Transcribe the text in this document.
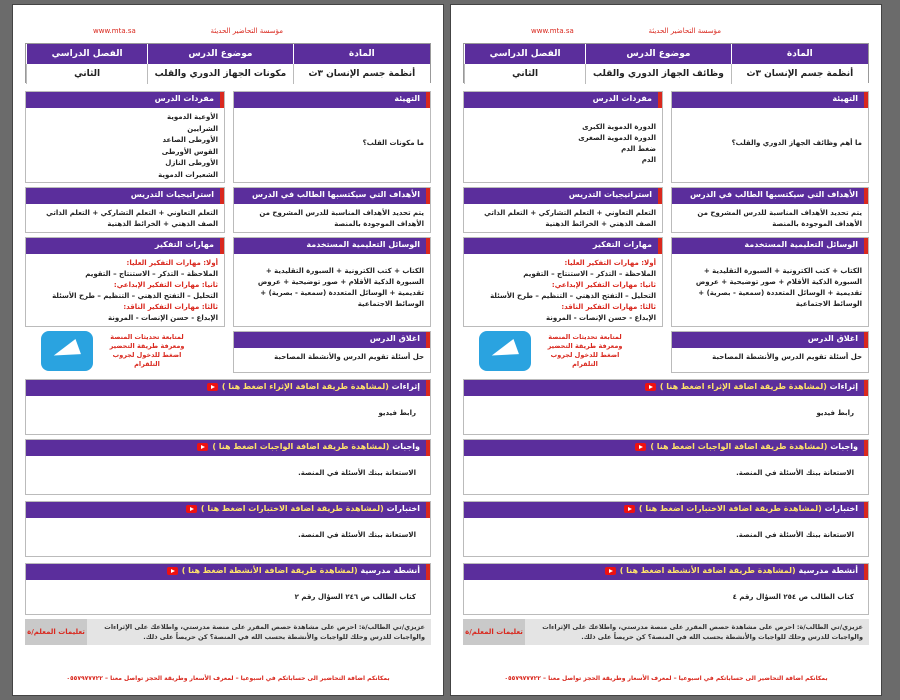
مؤسسة التحاضير الحديثة
www.mta.sa
المادة
موضوع الدرس
الفصل الدراسي
أنظمة جسم الإنسان ٣ث
وظائف الجهاز الدوري والقلب
الثاني
التهيئة
ما أهم وظائف الجهاز الدوري والقلب؟
مفردات الدرس
الدورة الدموية الكبرى
الدورة الدموية الصغرى
ضغط الدم
الدم
الأهداف التي سيكتسبها الطالب في الدرس
يتم تحديد الأهداف المناسبة للدرس المشروح من الأهداف الموجودة بالمنصة
استراتيجيات التدريس
التعلم التعاوني + التعلم التشاركي + التعلم الذاتي الصف الذهني + الخرائط الذهنية
الوسائل التعليمية المستخدمة
الكتاب + كتب الكترونية + السبورة التقليدية + السبورة الذكية الأقلام + صور توضيحية + عروض تقديمية + الوسائل المتعددة (سمعية - بصرية) + الوسائط الاجتماعية
مهارات التفكير
أولا: مهارات التفكير العليا:
الملاحظة – التذكر – الاستنتاج – التقويم
ثانيا: مهارات التفكير الإبداعي:
التحليل – التفتح الذهني – التنظيم – طرح الأسئلة
ثالثا: مهارات التفكير الناقد:
الإبداع - حسن الإنصات - المرونة
اغلاق الدرس
حل أسئلة تقويم الدرس والأنشطة المصاحبة
لمتابعة تحديثات المنصة ومعرفة طريقة التحضير اضغط للدخول لجروب التلقرام
إثراءات (لمشاهدة طريقة اضافة الإثراء اضغط هنا )
رابط فيديو
واجبات (لمشاهدة طريقة اضافة الواجبات اضغط هنا )
الاستعانة ببنك الأسئلة في المنصة.
اختبارات (لمشاهدة طريقة اضافة الاختبارات اضغط هنا )
الاستعانة ببنك الأسئلة في المنصة.
أنشطة مدرسية (لمشاهدة طريقة اضافة الأنشطة اضغط هنا )
كتاب الطالب ص ٢٥٤ السؤال رقم ٤
عزيزي/تي الطالب/ة: احرص على مشاهدة حصص المقرر على منصة مدرستي، واطلاعك على الإثراءات والواجبات للدرس وحلك للواجبات والأنشطة بحسب الله في المنصة؟ كن حريصاً على ذلك.
تعليمات المعلم/ة
بمكانكم اضافة التحاضير الى حساباتكم في اسبوعيا – لمعرف الأسعار وطريقة الحجز تواصل معنا – ٠٥٥٧٩٧٧٧٢٢
مؤسسة التحاضير الحديثة
www.mta.sa
المادة
موضوع الدرس
الفصل الدراسي
أنظمة جسم الإنسان ٣ث
مكونات الجهاز الدوري والقلب
الثاني
التهيئة
ما مكونات القلب؟
مفردات الدرس
الأوعية الدموية
الشرايين
الأورطى الصاعد
القوس الأورطى
الأورطى النازل
الشعيرات الدموية
الأهداف التي سيكتسبها الطالب في الدرس
يتم تحديد الأهداف المناسبة للدرس المشروح من الأهداف الموجودة بالمنصة
استراتيجيات التدريس
التعلم التعاوني + التعلم التشاركي + التعلم الذاتي الصف الذهني + الخرائط الذهنية
الوسائل التعليمية المستخدمة
الكتاب + كتب الكترونية + السبورة التقليدية + السبورة الذكية الأقلام + صور توضيحية + عروض تقديمية + الوسائل المتعددة (سمعية - بصرية) + الوسائط الاجتماعية
مهارات التفكير
أولا: مهارات التفكير العليا:
الملاحظة – التذكر – الاستنتاج – التقويم
ثانيا: مهارات التفكير الإبداعي:
التحليل – التفتح الذهني – التنظيم – طرح الأسئلة
ثالثا: مهارات التفكير الناقد:
الإبداع - حسن الإنصات - المرونة
اغلاق الدرس
حل أسئلة تقويم الدرس والأنشطة المصاحبة
لمتابعة تحديثات المنصة ومعرفة طريقة التحضير اضغط للدخول لجروب التلقرام
إثراءات (لمشاهدة طريقة اضافة الإثراء اضغط هنا )
رابط فيديو
واجبات (لمشاهدة طريقة اضافة الواجبات اضغط هنا )
الاستعانة ببنك الأسئلة في المنصة.
اختبارات (لمشاهدة طريقة اضافة الاختبارات اضغط هنا )
الاستعانة ببنك الأسئلة في المنصة.
أنشطة مدرسية (لمشاهدة طريقة اضافة الأنشطة اضغط هنا )
كتاب الطالب ص ٢٤٦ السؤال رقم ٢
عزيزي/تي الطالب/ة: احرص على مشاهدة حصص المقرر على منصة مدرستي، واطلاعك على الإثراءات والواجبات للدرس وحلك للواجبات والأنشطة بحسب الله في المنصة؟ كن حريصاً على ذلك.
تعليمات المعلم/ة
بمكانكم اضافة التحاضير الى حساباتكم في اسبوعيا – لمعرف الأسعار وطريقة الحجز تواصل معنا – ٠٥٥٧٩٧٧٧٢٢
